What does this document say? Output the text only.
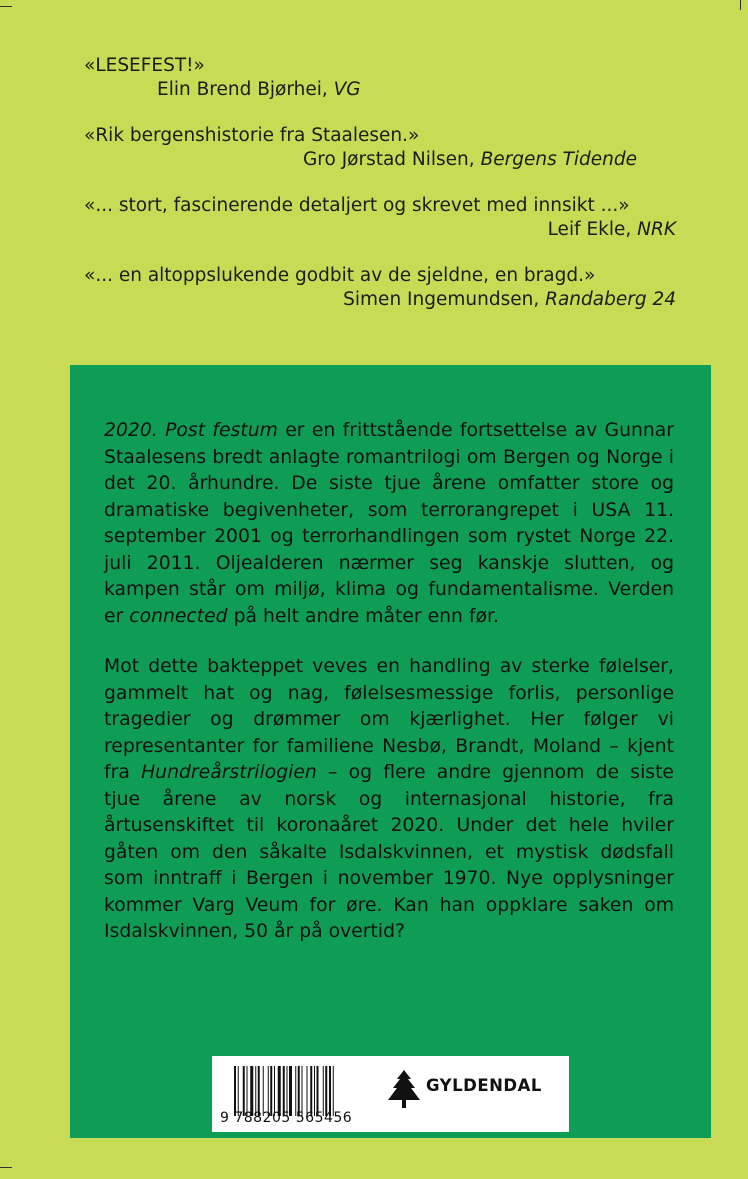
«LESEFEST!»
Elin Brend Bjørhei, VG
«Rik bergenshistorie fra Staalesen.»
Gro Jørstad Nilsen, Bergens Tidende
«... stort, fascinerende detaljert og skrevet med innsikt ...»
Leif Ekle, NRK
«... en altoppslukende godbit av de sjeldne, en bragd.»
Simen Ingemundsen, Randaberg 24

2020. Post festum er en frittstående fortsettelse av Gunnar Staalesens bredt anlagte romantrilogi om Bergen og Norge i det 20. århundre. De siste tjue årene omfatter store og dramatiske begivenheter, som terrorangrepet i USA 11. september 2001 og terrorhandlingen som rystet Norge 22. juli 2011. Oljealderen nærmer seg kanskje slutten, og kampen står om miljø, klima og fundamentalisme. Verden er connected på helt andre måter enn før.

Mot dette bakteppet veves en handling av sterke følelser, gammelt hat og nag, følelsesmessige forlis, personlige tragedier og drømmer om kjærlighet. Her følger vi representanter for familiene Nesbø, Brandt, Moland – kjent fra Hundreårstrilogien – og flere andre gjennom de siste tjue årene av norsk og internasjonal historie, fra årtusenskiftet til koronaåret 2020. Under det hele hviler gåten om den såkalte Isdalskvinnen, et mystisk dødsfall som inntraff i Bergen i november 1970. Nye opplysninger kommer Varg Veum for øre. Kan han oppklare saken om Isdalskvinnen, 50 år på overtid?

9 788205 565456
GYLDENDAL
